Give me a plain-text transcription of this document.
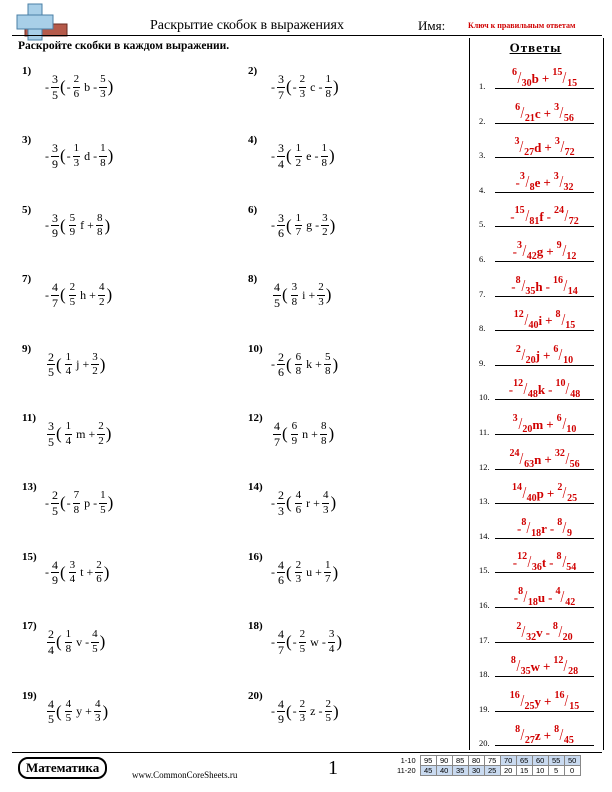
Раскрытие скобок в выражениях	Имя:	Ключ к правильным ответам
Раскройте скобки в каждом выражении.
1)
- $\frac{3}{5}$ ( - $\frac{2}{6}$ b - $\frac{5}{3}$ )
2)
- $\frac{3}{7}$ ( - $\frac{2}{3}$ c - $\frac{1}{8}$ )
3)
- $\frac{3}{9}$ ( - $\frac{1}{3}$ d - $\frac{1}{8}$ )
4)
- $\frac{3}{4}$ ( $\frac{1}{2}$ e - $\frac{1}{8}$ )
5)
- $\frac{3}{9}$ ( $\frac{5}{9}$ $f + \frac{8}{8}$ )
6)
- $\frac{3}{6}$ ( $\frac{1}{7}$ g - $\frac{3}{2}$ )
7)
- $\frac{4}{7}$ ( $\frac{2}{5}$ $h + \frac{4}{2}$ )
8)
$\frac{4}{5}$ ( $\frac{3}{8}$ $i + \frac{2}{3}$ )
9)
$\frac{2}{5}$ ( $\frac{1}{4}$ $j + \frac{3}{2}$ )
10)
- $\frac{2}{6}$ ( $\frac{6}{8}$ $k + \frac{5}{8}$ )
11)
$\frac{3}{5}$ ( $\frac{1}{4}$ $m + \frac{2}{2}$ )
12)
$\frac{4}{7}$ ( $\frac{6}{9}$ $n + \frac{8}{8}$ )
13)
- $\frac{2}{5}$ ( - $\frac{7}{8}$ p - $\frac{1}{5}$ )
14)
- $\frac{2}{3}$ ( $\frac{4}{6}$ $r + \frac{4}{3}$ )
15)
- $\frac{4}{9}$ ( $\frac{3}{4}$ $t + \frac{2}{6}$ )
16)
- $\frac{4}{6}$ ( $\frac{2}{3}$ $u + \frac{1}{7}$ )
17)
$\frac{2}{4}$ ( $\frac{1}{8}$ v - $\frac{4}{5}$ )
18)
- $\frac{4}{7}$ ( - $\frac{2}{5}$ w - $\frac{3}{4}$ )
19)
$\frac{4}{5}$ ( $\frac{4}{5}$ $y + \frac{4}{3}$ )
20)
- $\frac{4}{9}$ ( - $\frac{2}{3}$ z - $\frac{2}{5}$ )
Ответы
1.
$^6/_{30}b + ^{15}/_{15}$
2.
$^6/_{21}c + ^3/_{56}$
3.
$^3/_{27}d + ^3/_{72}$
4.	$-^3/_8e + ^3/_{32}$
5.	$-^{15}/_{81}f - ^{24}/_{72}$
6.	$-^3/_{42}g + ^9/_{12}$
7.	$-^8/_{35}h - ^{16}/_{14}$
8.
$^{12}/_{40}i + ^8/_{15}$
9.
$^2/_{20}j + ^6/_{10}$
10.	$-^{12}/_{48}k - ^{10}/_{48}$
11.
$^3/_{20}m + ^6/_{10}$
12.
$^{24}/_{63}n + ^{32}/_{56}$
13.
$^{14}/_{40}p + ^2/_{25}$
14.	$-^8/_{18}r - ^8/_9$
15.	$-^{12}/_{36}t - ^8/_{54}$
16.	$-^8/_{18}u - ^4/_{42}$
17.
$^2/_{32}v - ^8/_{20}$
18.
$^8/_{35}w + ^{12}/_{28}$
19.
$^{16}/_{25}y + ^{16}/_{15}$
20.
$^8/_{27}z + ^8/_{45}$
Математика	www.CommonCoreSheets.ru	1	1-10	95	90	85	80	75	70	65	60	55	50
11-20	45	40	35	30	25	20	15	10	5	0
